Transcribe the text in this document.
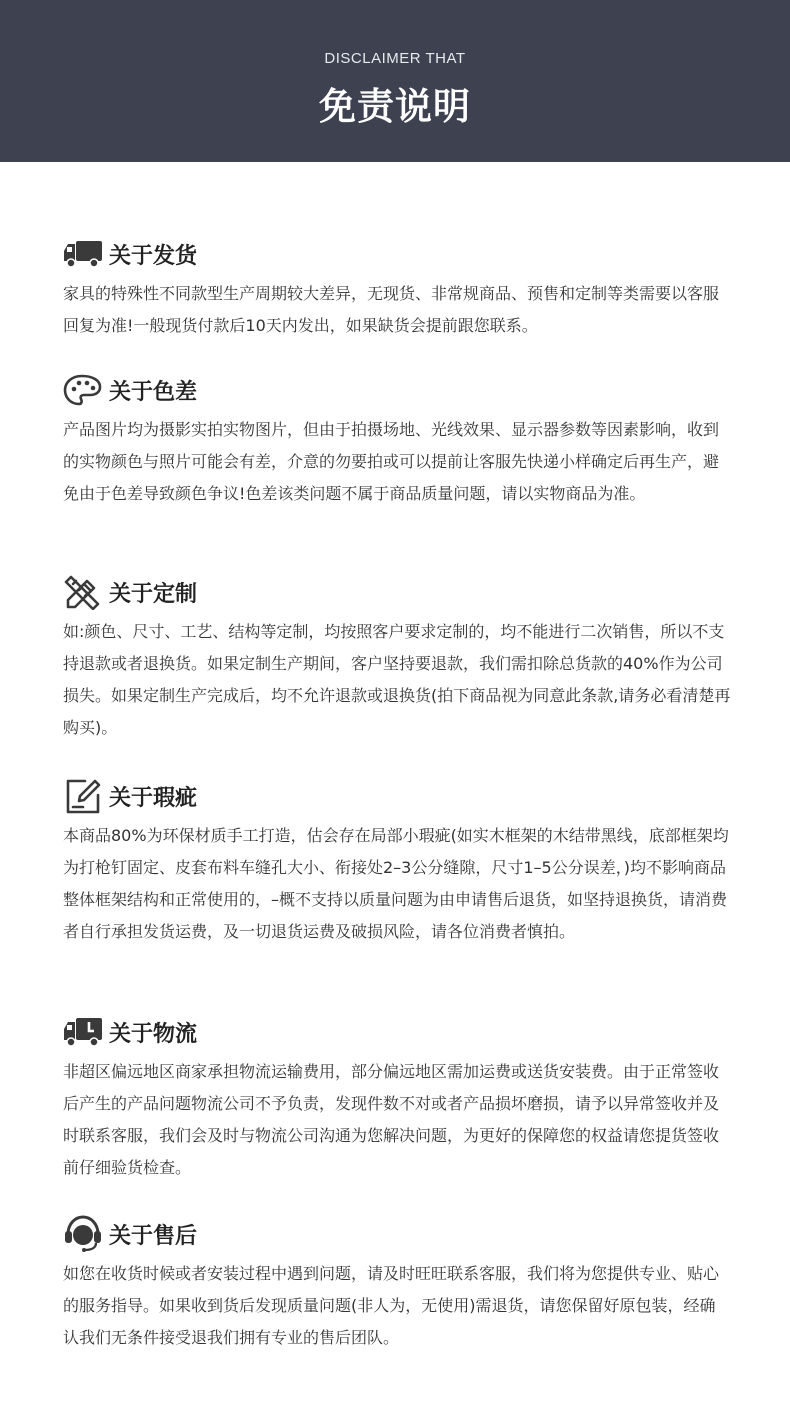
DISCLAIMER THAT
免责说明
关于发货
家具的特殊性不同款型生产周期较大差异，无现货、非常规商品、预售和定制等类需要以客服回复为准!一般现货付款后10天内发出，如果缺货会提前跟您联系。
关于色差
产品图片均为摄影实拍实物图片，但由于拍摄场地、光线效果、显示器参数等因素影响，收到的实物颜色与照片可能会有差，介意的勿要拍或可以提前让客服先快递小样确定后再生产，避免由于色差导致颜色争议!色差该类问题不属于商品质量问题，请以实物商品为准。
关于定制
如:颜色、尺寸、工艺、结构等定制，均按照客户要求定制的，均不能进行二次销售，所以不支持退款或者退换货。如果定制生产期间，客户坚持要退款，我们需扣除总货款的40%作为公司损失。如果定制生产完成后，均不允许退款或退换货(拍下商品视为同意此条款,请务必看清楚再购买)。
关于瑕疵
本商品80%为环保材质手工打造，估会存在局部小瑕疵(如实木框架的木结带黑线，底部框架均为打枪钉固定、皮套布料车缝孔大小、衔接处2–3公分缝隙，尺寸1–5公分误差，)均不影响商品整体框架结构和正常使用的，–概不支持以质量问题为由申请售后退货，如坚持退换货，请消费者自行承担发货运费，及一切退货运费及破损风险，请各位消费者慎拍。
关于物流
非超区偏远地区商家承担物流运输费用，部分偏远地区需加运费或送货安装费。由于正常签收后产生的产品问题物流公司不予负责，发现件数不对或者产品损坏磨损，请予以异常签收并及时联系客服，我们会及时与物流公司沟通为您解决问题，为更好的保障您的权益请您提货签收前仔细验货检查。
关于售后
如您在收货时候或者安装过程中遇到问题，请及时旺旺联系客服，我们将为您提供专业、贴心的服务指导。如果收到货后发现质量问题(非人为，无使用)需退货，请您保留好原包装，经确认我们无条件接受退我们拥有专业的售后团队。
